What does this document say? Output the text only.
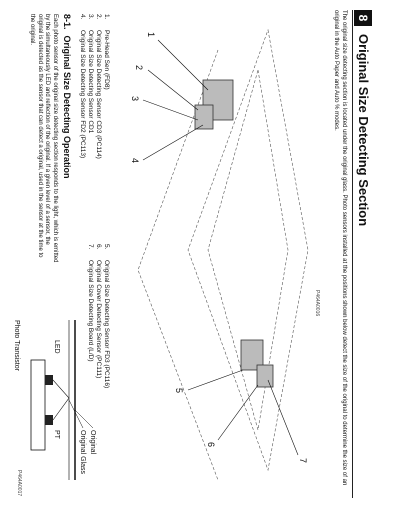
8
Original Size Detecting Section
The original size detecting section is located under the original glass. Photo sensors installed at the positions shown below detect the size of the original to determine the size of an original in the Auto Paper and Auto % modes.
1
2
3
4
5
6
7
P464A0016
1.
Pre-Head Sen (FD8)
2.
Original Size Detecting Sensor CD3 (PC114)
3.
Original Size Detecting Sensor CD1
4.
Original Size Detecting Sensor FD2 (PC113)
5.
Original Size Detecting Sensor FD3 (PC116)
6.
Original Cover Detecting Sensor (PC111)
7.
Original Size Detecting Board (L/D)
8-1.Original Size Detecting Operation
Each photo sensor of the original size detecting section responds to the light, which is emitted by the simultaneously LED and reflection of the original. If a given level of a sensor, the original is detected as the sensor that can detect a original, used in the sensor at the time to the original.
Original
Original Glass
LED
PT
Photo Transistor
P464A0017
